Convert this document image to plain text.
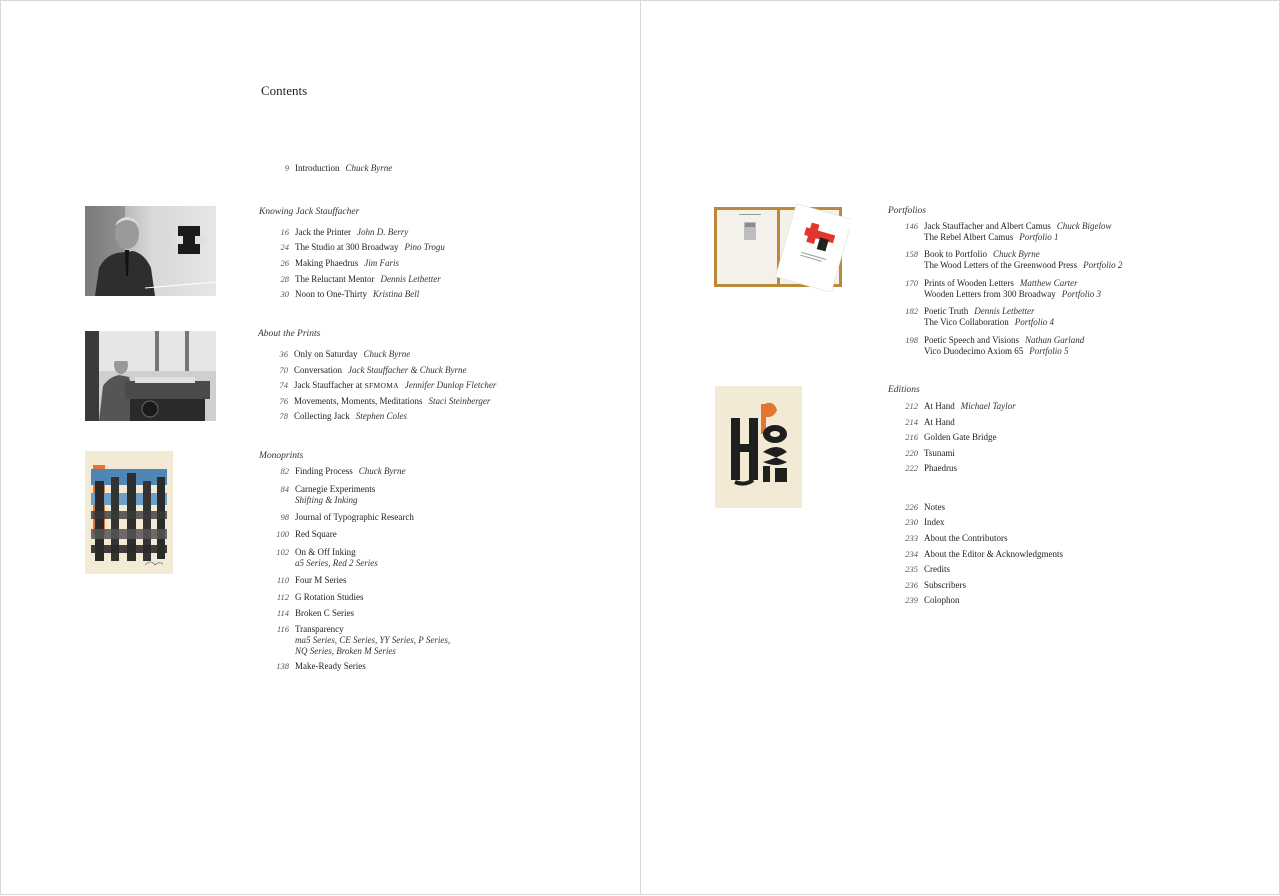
Contents
9 Introduction Chuck Byrne
Knowing Jack Stauffacher
16 Jack the Printer John D. Berry
24 The Studio at 300 Broadway Pino Trogu
26 Making Phaedrus Jim Faris
28 The Reluctant Mentor Dennis Letbetter
30 Noon to One-Thirty Kristina Bell
About the Prints
36 Only on Saturday Chuck Byrne
70 Conversation Jack Stauffacher & Chuck Byrne
74 Jack Stauffacher at SFMOMA Jennifer Dunlop Fletcher
76 Movements, Moments, Meditations Staci Steinberger
78 Collecting Jack Stephen Coles
Monoprints
82 Finding Process Chuck Byrne
84 Carnegie Experiments
Shifting & Inking
98 Journal of Typographic Research
100 Red Square
102 On & Off Inking
a5 Series, Red 2 Series
110 Four M Series
112 G Rotation Studies
114 Broken C Series
116 Transparency
ma5 Series, CE Series, YY Series, P Series,
NQ Series, Broken M Series
138 Make-Ready Series
Portfolios
146 Jack Stauffacher and Albert Camus Chuck Bigelow
The Rebel Albert Camus Portfolio 1
158 Book to Portfolio Chuck Byrne
The Wood Letters of the Greenwood Press Portfolio 2
170 Prints of Wooden Letters Matthew Carter
Wooden Letters from 300 Broadway Portfolio 3
182 Poetic Truth Dennis Letbetter
The Vico Collaboration Portfolio 4
198 Poetic Speech and Visions Nathan Garland
Vico Duodecimo Axiom 65 Portfolio 5
Editions
212 At Hand Michael Taylor
214 At Hand
216 Golden Gate Bridge
220 Tsunami
222 Phaedrus
226 Notes
230 Index
233 About the Contributors
234 About the Editor & Acknowledgments
235 Credits
236 Subscribers
239 Colophon
